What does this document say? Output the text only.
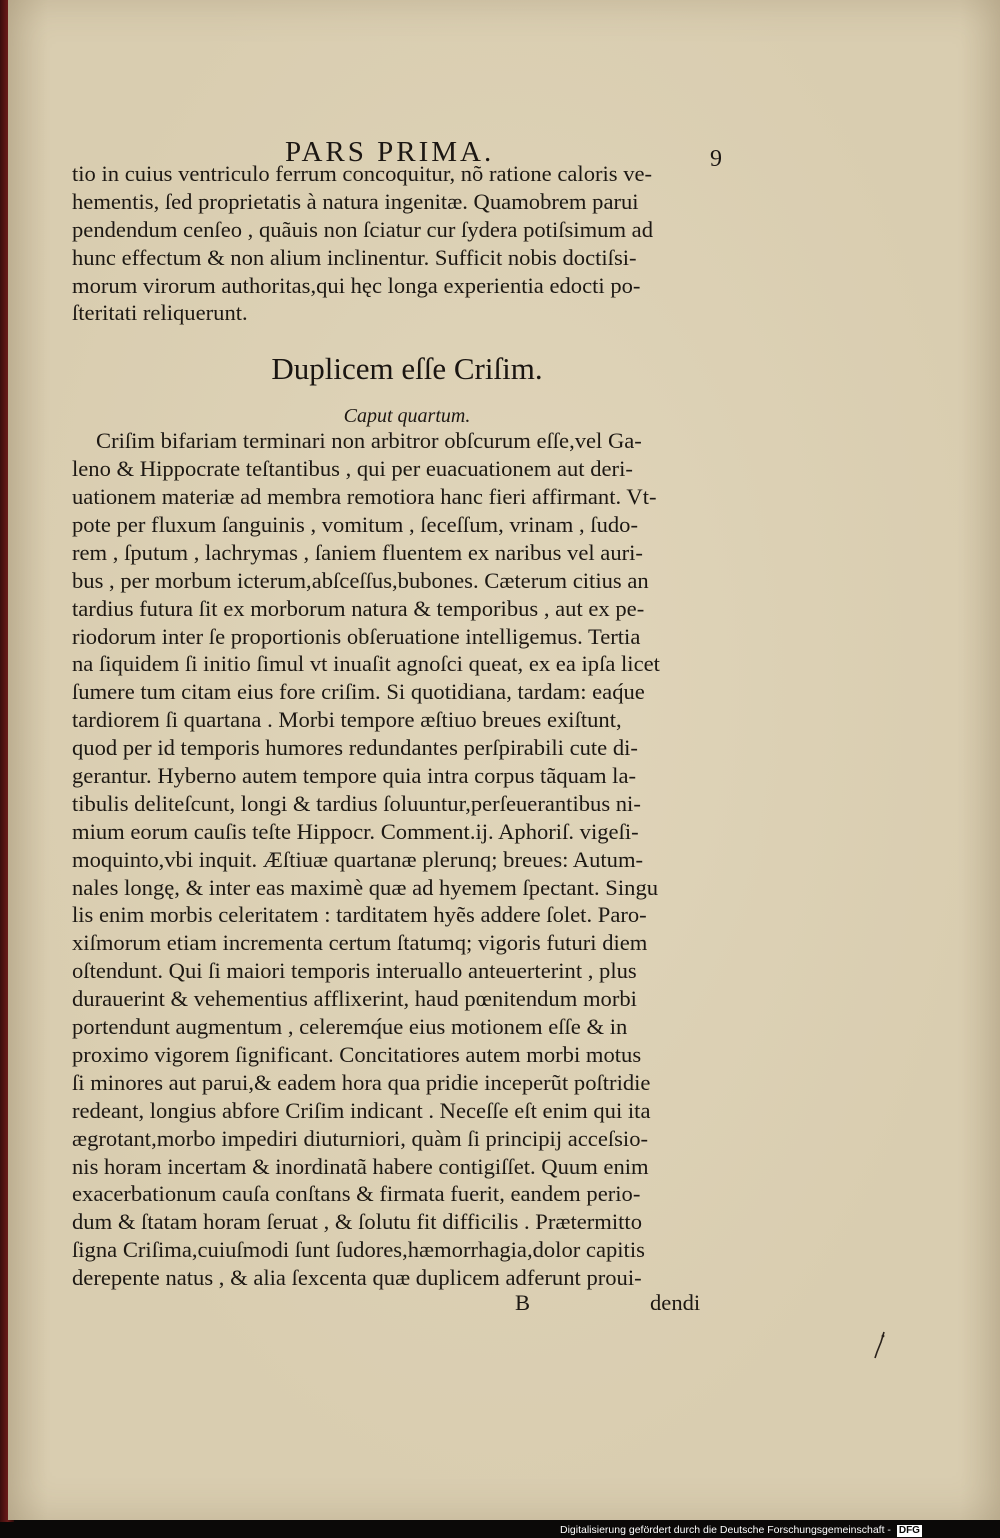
PARS PRIMA.	9
tio in cuius ventriculo ferrum concoquitur, nõ ratione caloris ve-
hementis, ſed proprietatis à natura ingenitæ. Quamobrem parui
pendendum cenſeo , quãuis non ſciatur cur ſydera potiſsimum ad
hunc effectum & non alium inclinentur. Sufficit nobis doctiſsi-
morum virorum authoritas,qui hęc longa experientia edocti po-
ſteritati reliquerunt.
Duplicem eſſe Criſim.
Caput quartum.
Criſim bifariam terminari non arbitror obſcurum eſſe,vel Ga-
leno & Hippocrate teſtantibus , qui per euacuationem aut deri-
uationem materiæ ad membra remotiora hanc fieri affirmant. Vt-
pote per fluxum ſanguinis , vomitum , ſeceſſum, vrinam , ſudo-
rem , ſputum , lachrymas , ſaniem fluentem ex naribus vel auri-
bus , per morbum icterum,abſceſſus,bubones. Cæterum citius an
tardius futura ſit ex morborum natura & temporibus , aut ex pe-
riodorum inter ſe proportionis obſeruatione intelligemus. Tertia
na ſiquidem ſi initio ſimul vt inuaſit agnoſci queat, ex ea ipſa licet
ſumere tum citam eius fore criſim. Si quotidiana, tardam: eaq́ue
tardiorem ſi quartana . Morbi tempore æſtiuo breues exiſtunt,
quod per id temporis humores redundantes perſpirabili cute di-
gerantur. Hyberno autem tempore quia intra corpus tãquam la-
tibulis deliteſcunt, longi & tardius ſoluuntur,perſeuerantibus ni-
mium eorum cauſis teſte Hippocr. Comment.ij. Aphoriſ. vigeſi-
moquinto,vbi inquit. Æſtiuæ quartanæ plerunq; breues: Autum-
nales longę, & inter eas maximè quæ ad hyemem ſpectant. Singu
lis enim morbis celeritatem : tarditatem hyẽs addere ſolet. Paro-
xiſmorum etiam incrementa certum ſtatumq; vigoris futuri diem
oſtendunt. Qui ſi maiori temporis interuallo anteuerterint , plus
durauerint & vehementius afflixerint, haud pœnitendum morbi
portendunt augmentum , celeremq́ue eius motionem eſſe & in
proximo vigorem ſignificant. Concitatiores autem morbi motus
ſi minores aut parui,& eadem hora qua pridie inceperũt poſtridie
redeant, longius abfore Criſim indicant . Neceſſe eſt enim qui ita
ægrotant,morbo impediri diuturniori, quàm ſi principij acceſsio-
nis horam incertam & inordinatã habere contigiſſet. Quum enim
exacerbationum cauſa conſtans & firmata fuerit, eandem perio-
dum & ſtatam horam ſeruat , & ſolutu fit difficilis . Prætermitto
ſigna Criſima,cuiuſmodi ſunt ſudores,hæmorrhagia,dolor capitis
derepente natus , & alia ſexcenta quæ duplicem adferunt proui-
B	dendi
Digitalisierung gefördert durch die Deutsche Forschungsgemeinschaft - DFG
